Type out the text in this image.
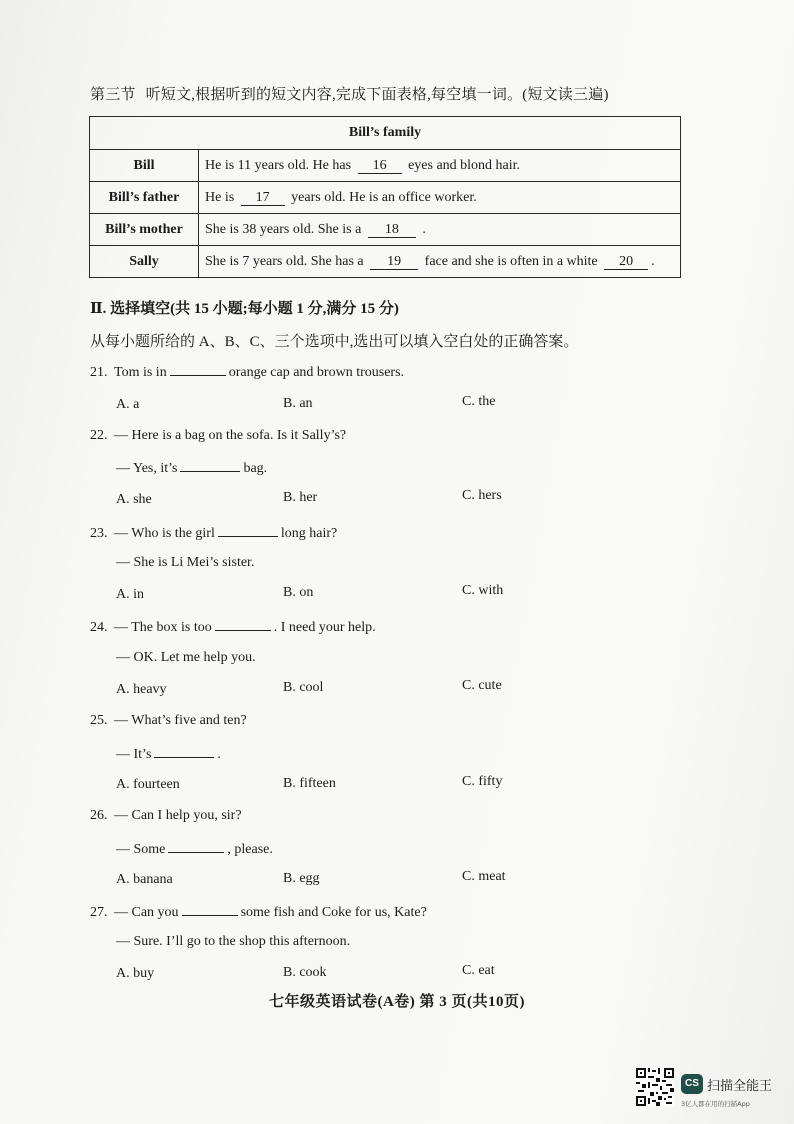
第三节 听短文,根据听到的短文内容,完成下面表格,每空填一词。(短文读三遍)
Bill’s family	
Bill	He is 11 years old. He has 16 eyes and blond hair.
Bill’s father	He is 17 years old. He is an office worker.
Bill’s mother	She is 38 years old. She is a 18 .
Sally	She is 7 years old. She has a 19 face and she is often in a white 20 .
Ⅱ. 选择填空(共 15 小题;每小题 1 分,满分 15 分)
从每小题所给的 A、B、C、三个选项中,选出可以填入空白处的正确答案。
21. Tom is in	orange cap and brown trousers.
A. a	B. an	C. the
22. — Here is a bag on the sofa. Is it Sally’s?
— Yes, it’s	bag.
A. she	B. her	C. hers
23. — Who is the girl	long hair?
— She is Li Mei’s sister.
A. in	B. on	C. with
24. — The box is too	. I need your help.
— OK. Let me help you.
A. heavy	B. cool	C. cute
25. — What’s five and ten?
— It’s	.
A. fourteen	B. fifteen	C. fifty
26. — Can I help you, sir?
— Some	, please.
A. banana	B. egg	C. meat
27. — Can you	some fish and Coke for us, Kate?
— Sure. I’ll go to the shop this afternoon.
A. buy	B. cook	C. eat
七年级英语试卷(A卷) 第 3 页(共10页)
CS 扫描全能王
3亿人都在用的扫描App
